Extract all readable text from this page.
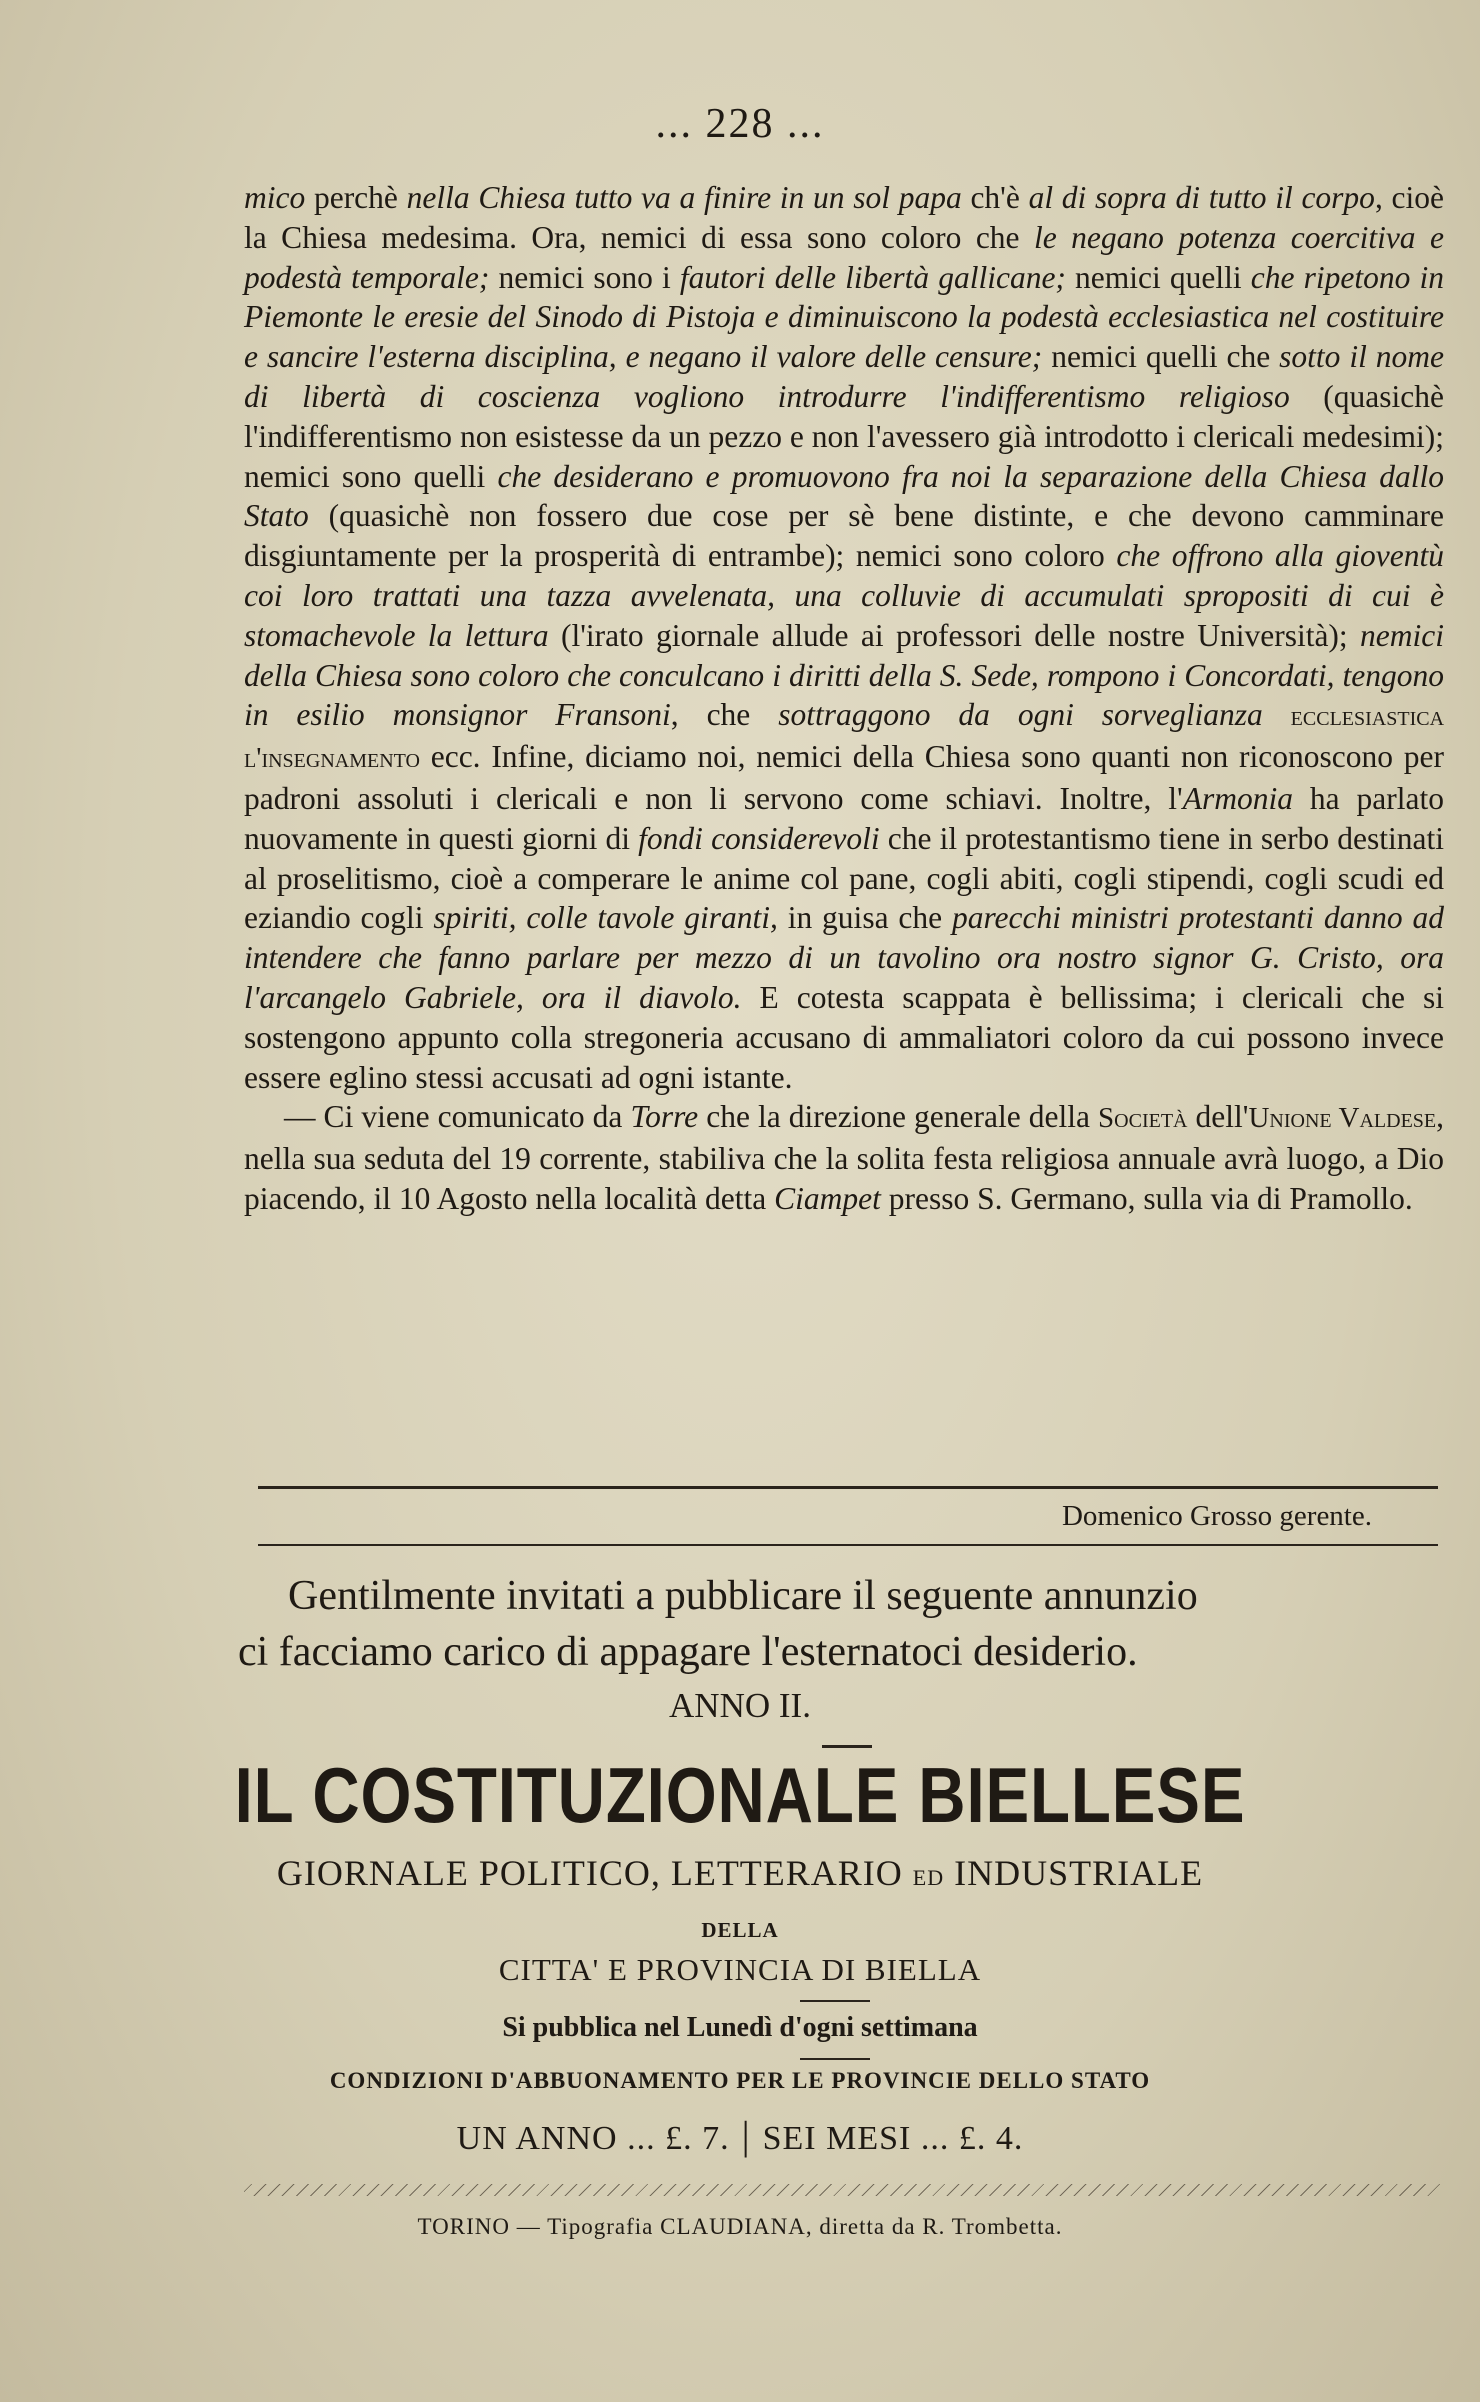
... 228 ...

mico perchè nella Chiesa tutto va a finire in un sol papa ch'è al di sopra di tutto il corpo, cioè la Chiesa medesima. Ora, nemici di essa sono coloro che le negano potenza coercitiva e podestà temporale; nemici sono i fautori delle libertà gallicane; nemici quelli che ripetono in Piemonte le eresie del Sinodo di Pistoja e diminuiscono la podestà ecclesiastica nel costituire e sancire l'esterna disciplina, e negano il valore delle censure; nemici quelli che sotto il nome di libertà di coscienza vogliono introdurre l'indifferentismo religioso (quasichè l'indifferentismo non esistesse da un pezzo e non l'avessero già introdotto i clericali medesimi); nemici sono quelli che desiderano e promuovono fra noi la separazione della Chiesa dallo Stato (quasichè non fossero due cose per sè bene distinte, e che devono camminare disgiuntamente per la prosperità di entrambe); nemici sono coloro che offrono alla gioventù coi loro trattati una tazza avvelenata, una colluvie di accumulati spropositi di cui è stomachevole la lettura (l'irato giornale allude ai professori delle nostre Università); nemici della Chiesa sono coloro che conculcano i diritti della S. Sede, rompono i Concordati, tengono in esilio monsignor Fransoni, che sottraggono da ogni sorveglianza ecclesiastica l'insegnamento ecc. Infine, diciamo noi, nemici della Chiesa sono quanti non riconoscono per padroni assoluti i clericali e non li servono come schiavi. Inoltre, l'Armonia ha parlato nuovamente in questi giorni di fondi considerevoli che il protestantismo tiene in serbo destinati al proselitismo, cioè a comperare le anime col pane, cogli abiti, cogli stipendi, cogli scudi ed eziandio cogli spiriti, colle tavole giranti, in guisa che parecchi ministri protestanti danno ad intendere che fanno parlare per mezzo di un tavolino ora nostro signor G. Cristo, ora l'arcangelo Gabriele, ora il diavolo. E cotesta scappata è bellissima; i clericali che si sostengono appunto colla stregoneria accusano di ammaliatori coloro da cui possono invece essere eglino stessi accusati ad ogni istante.

— Ci viene comunicato da Torre che la direzione generale della Società dell'Unione Valdese, nella sua seduta del 19 corrente, stabiliva che la solita festa religiosa annuale avrà luogo, a Dio piacendo, il 10 Agosto nella località detta Ciampet presso S. Germano, sulla via di Pramollo.

Domenico Grosso gerente.

Gentilmente invitati a pubblicare il seguente annunzio

ci facciamo carico di appagare l'esternatoci desiderio.

ANNO II.
IL COSTITUZIONALE BIELLESE
GIORNALE POLITICO, LETTERARIO ED INDUSTRIALE
DELLA
CITTA' E PROVINCIA DI BIELLA
Si pubblica nel Lunedì d'ogni settimana
CONDIZIONI D'ABBUONAMENTO PER LE PROVINCIE DELLO STATO
UN ANNO ... £. 7. | SEI MESI ... £. 4.
TORINO — Tipografia CLAUDIANA, diretta da R. Trombetta.
